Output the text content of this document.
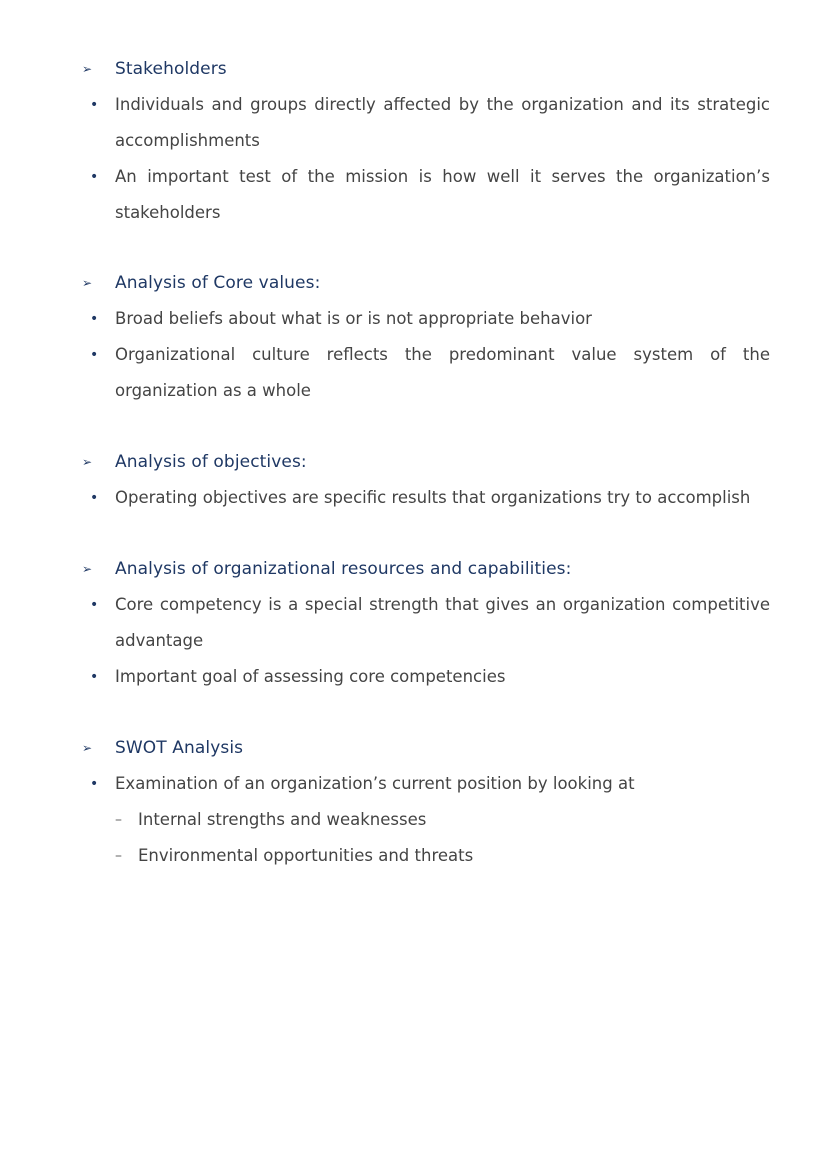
➢	Stakeholders
•	Individuals and groups directly affected by the organization and its strategic accomplishments
•	An important test of the mission is how well it serves the organization’s stakeholders
➢	Analysis of Core values:
•	Broad beliefs about what is or is not appropriate behavior
•	Organizational culture reflects the predominant value system of the organization as a whole
➢	Analysis of objectives:
•	Operating objectives are specific results that organizations try to accomplish
➢	Analysis of organizational resources and capabilities:
•	Core competency is a special strength that gives an organization competitive advantage
•	Important goal of assessing core competencies
➢	SWOT Analysis
•	Examination of an organization’s current position by looking at
– Internal strengths and weaknesses
– Environmental opportunities and threats
